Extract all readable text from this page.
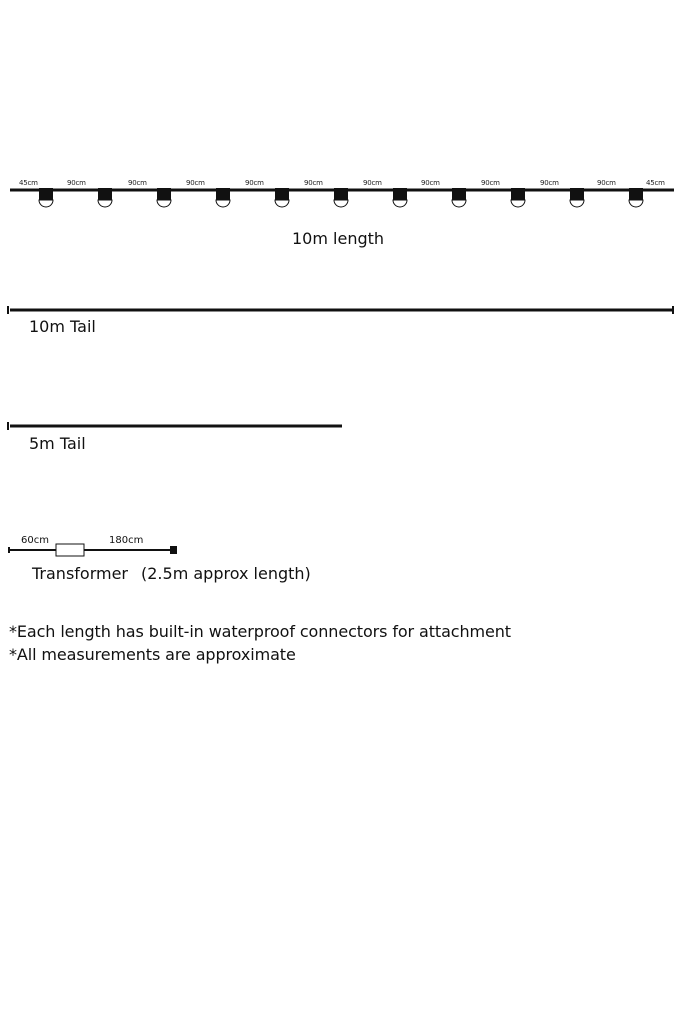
45cm	90cm	90cm	90cm	90cm	90cm	90cm	90cm	90cm	90cm	90cm	45cm
10m length
10m Tail
5m Tail
60cm	180cm
Transformer (2.5m approx length)
*Each length has built-in waterproof connectors for attachment
*All measurements are approximate
